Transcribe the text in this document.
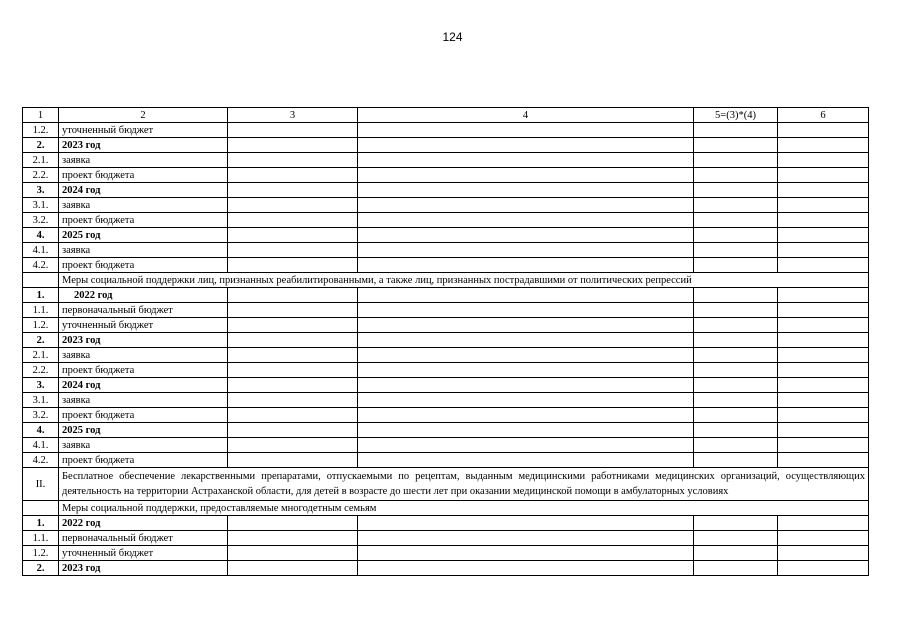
124
1	2	3	4	5=(3)*(4)	6
1.2.	уточненный бюджет				
2.	2023 год				
2.1.	заявка				
2.2.	проект бюджета				
3.	2024 год				
3.1.	заявка				
3.2.	проект бюджета				
4.	2025 год				
4.1.	заявка				
4.2.	проект бюджета				
	Меры социальной поддержки лиц, признанных реабилитированными, а также лиц, признанных пострадавшими от политических репрессий				
1.	2022 год				
1.1.	первоначальный бюджет				
1.2.	уточненный бюджет				
2.	2023 год				
2.1.	заявка				
2.2.	проект бюджета				
3.	2024 год				
3.1.	заявка				
3.2.	проект бюджета				
4.	2025 год				
4.1.	заявка				
4.2.	проект бюджета				
II.	Бесплатное обеспечение лекарственными препаратами, отпускаемыми по рецептам, выданным медицинскими работниками медицинских организаций, осуществляющих деятельность на территории Астраханской области, для детей в возрасте до шести лет при оказании медицинской помощи в амбулаторных условиях				
	Меры социальной поддержки, предоставляемые многодетным семьям				
1.	2022 год				
1.1.	первоначальный бюджет				
1.2.	уточненный бюджет				
2.	2023 год				
